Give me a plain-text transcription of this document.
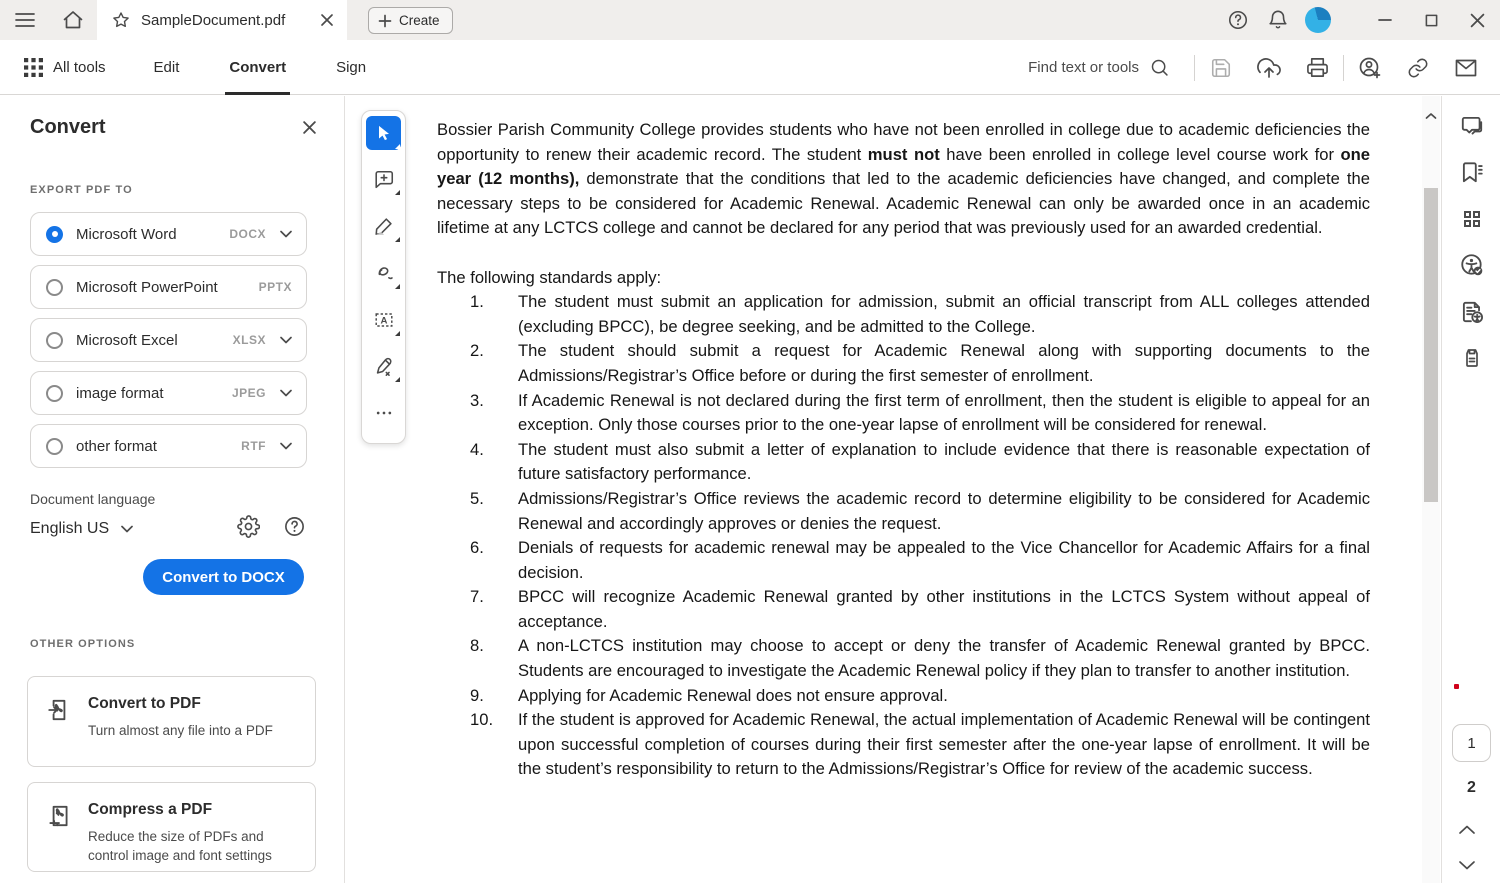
SampleDocument.pdf	Create
All tools	Edit	Convert	Sign	Find text or tools
Convert
EXPORT PDF TO
Microsoft Word	DOCX
Microsoft PowerPoint	PPTX
Microsoft Excel	XLSX
image format	JPEG
other format	RTF
Document language
English US
Convert to DOCX
OTHER OPTIONS
Convert to PDF
Turn almost any file into a PDF
Compress a PDF
Reduce the size of PDFs and control image and font settings

Bossier Parish Community College provides students who have not been enrolled in college due to academic deficiencies the opportunity to renew their academic record. The student must not have been enrolled in college level course work for one year (12 months), demonstrate that the conditions that led to the academic deficiencies have changed, and complete the necessary steps to be considered for Academic Renewal. Academic Renewal can only be awarded once in an academic lifetime at any LCTCS college and cannot be declared for any period that was previously used for an awarded credential.

The following standards apply:

1.	The student must submit an application for admission, submit an official transcript from ALL colleges attended (excluding BPCC), be degree seeking, and be admitted to the College.
2.	The student should submit a request for Academic Renewal along with supporting documents to the Admissions/Registrar’s Office before or during the first semester of enrollment.
3.	If Academic Renewal is not declared during the first term of enrollment, then the student is eligible to appeal for an exception. Only those courses prior to the one-year lapse of enrollment will be considered for renewal.
4.	The student must also submit a letter of explanation to include evidence that there is reasonable expectation of future satisfactory performance.
5.	Admissions/Registrar’s Office reviews the academic record to determine eligibility to be considered for Academic Renewal and accordingly approves or denies the request.
6.	Denials of requests for academic renewal may be appealed to the Vice Chancellor for Academic Affairs for a final decision.
7.	BPCC will recognize Academic Renewal granted by other institutions in the LCTCS System without appeal of acceptance.
8.	A non-LCTCS institution may choose to accept or deny the transfer of Academic Renewal granted by BPCC. Students are encouraged to investigate the Academic Renewal policy if they plan to transfer to another institution.
9.	Applying for Academic Renewal does not ensure approval.
10.	If the student is approved for Academic Renewal, the actual implementation of Academic Renewal will be contingent upon successful completion of courses during their first semester after the one-year lapse of enrollment. It will be the student’s responsibility to return to the Admissions/Registrar’s Office for review of the academic success.
A
1
2
